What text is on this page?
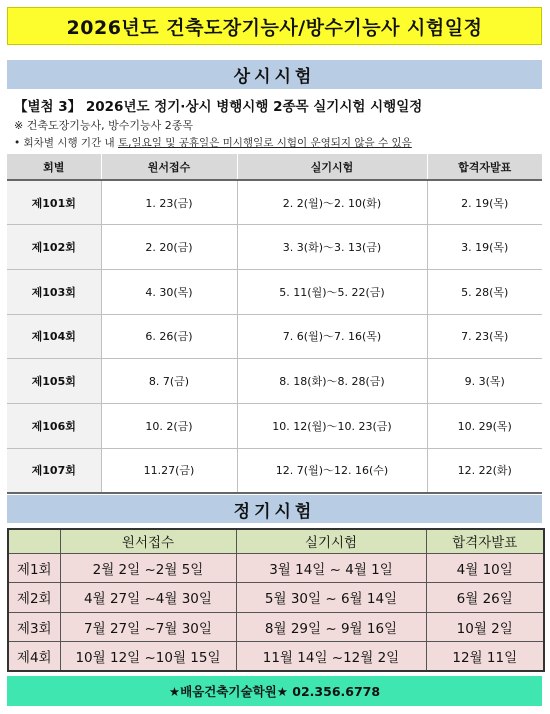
2026년도 건축도장기능사/방수기능사 시험일정
상시시험
【별첨 3】 2026년도 정기·상시 병행시행 2종목 실기시험 시행일정
※ 건축도장기능사, 방수기능사 2종목
• 회차별 시행 기간 내 토,일요일 및 공휴일은 미시행일로 시험이 운영되지 않을 수 있음
회별	원서접수	실기시험	합격자발표
제101회	1. 23(금)	2. 2(월)～2. 10(화)	2. 19(목)
제102회	2. 20(금)	3. 3(화)～3. 13(금)	3. 19(목)
제103회	4. 30(목)	5. 11(월)～5. 22(금)	5. 28(목)
제104회	6. 26(금)	7. 6(월)～7. 16(목)	7. 23(목)
제105회	8. 7(금)	8. 18(화)～8. 28(금)	9. 3(목)
제106회	10. 2(금)	10. 12(월)～10. 23(금)	10. 29(목)
제107회	11.27(금)	12. 7(월)～12. 16(수)	12. 22(화)
정기시험
	원서접수	실기시험	합격자발표
제1회	2월 2일 ~2월 5일	3월 14일 ~ 4월 1일	4월 10일
제2회	4월 27일 ~4월 30일	5월 30일 ~ 6월 14일	6월 26일
제3회	7월 27일 ~7월 30일	8월 29일 ~ 9월 16일	10월 2일
제4회	10월 12일 ~10월 15일	11월 14일 ~12월 2일	12월 11일
★배움건축기술학원★ 02.356.6778
